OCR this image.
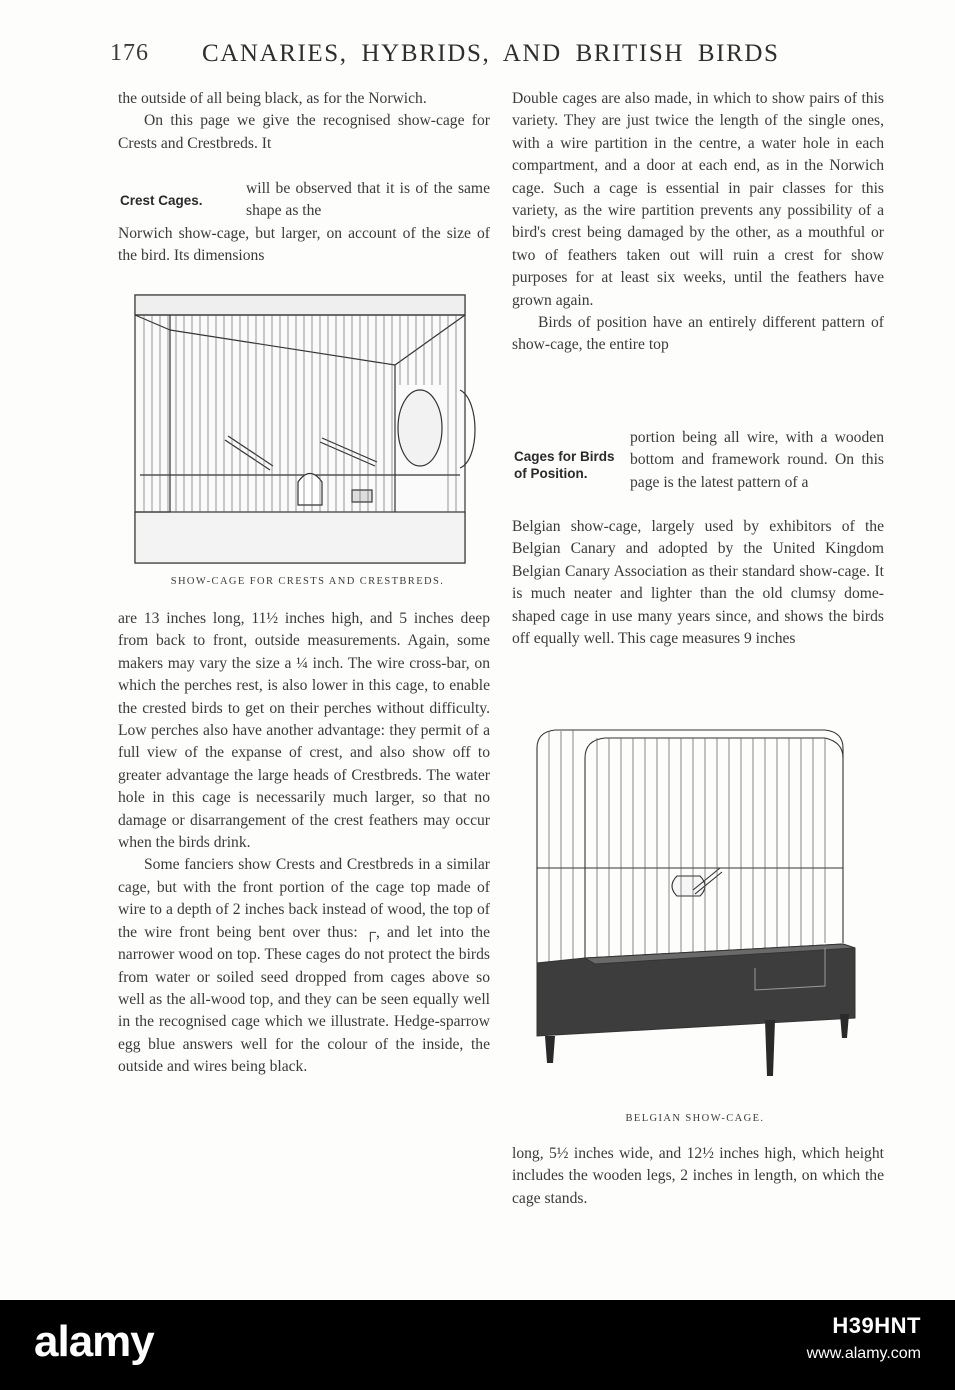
176 CANARIES, HYBRIDS, AND BRITISH BIRDS

the outside of all being black, as for the Norwich.

On this page we give the recognised show-cage for Crests and Crestbreds. It

Crest Cages.
will be observed that it is of the same shape as the
Norwich show-cage, but larger, on account of the size of the bird. Its dimensions
SHOW-CAGE FOR CRESTS AND CRESTBREDS.

are 13 inches long, 11½ inches high, and 5 inches deep from back to front, outside measurements. Again, some makers may vary the size a ¼ inch. The wire cross-bar, on which the perches rest, is also lower in this cage, to enable the crested birds to get on their perches without difficulty. Low perches also have another advantage: they permit of a full view of the expanse of crest, and also show off to greater advantage the large heads of Crestbreds. The water hole in this cage is necessarily much larger, so that no damage or disarrangement of the crest feathers may occur when the birds drink.

Some fanciers show Crests and Crestbreds in a similar cage, but with the front portion of the cage top made of wire to a depth of 2 inches back instead of wood, the top of the wire front being bent over thus: ┌, and let into the narrower wood on top. These cages do not protect the birds from water or soiled seed dropped from cages above so well as the all-wood top, and they can be seen equally well in the recognised cage which we illustrate. Hedge-sparrow egg blue answers well for the colour of the inside, the outside and wires being black.

Double cages are also made, in which to show pairs of this variety. They are just twice the length of the single ones, with a wire partition in the centre, a water hole in each compartment, and a door at each end, as in the Norwich cage. Such a cage is essential in pair classes for this variety, as the wire partition prevents any possibility of a bird's crest being damaged by the other, as a mouthful or two of feathers taken out will ruin a crest for show purposes for at least six weeks, until the feathers have grown again.

Birds of position have an entirely different pattern of show-cage, the entire top

Cages for Birds of Position.
portion being all wire, with a wooden bottom and framework round. On this page is the latest pattern of a
Belgian show-cage, largely used by exhibitors of the Belgian Canary and adopted by the United Kingdom Belgian Canary Association as their standard show-cage. It is much neater and lighter than the old clumsy dome-shaped cage in use many years since, and shows the birds off equally well. This cage measures 9 inches
BELGIAN SHOW-CAGE.

long, 5½ inches wide, and 12½ inches high, which height includes the wooden legs, 2 inches in length, on which the cage stands.

alamy	H39HNT
www.alamy.com
